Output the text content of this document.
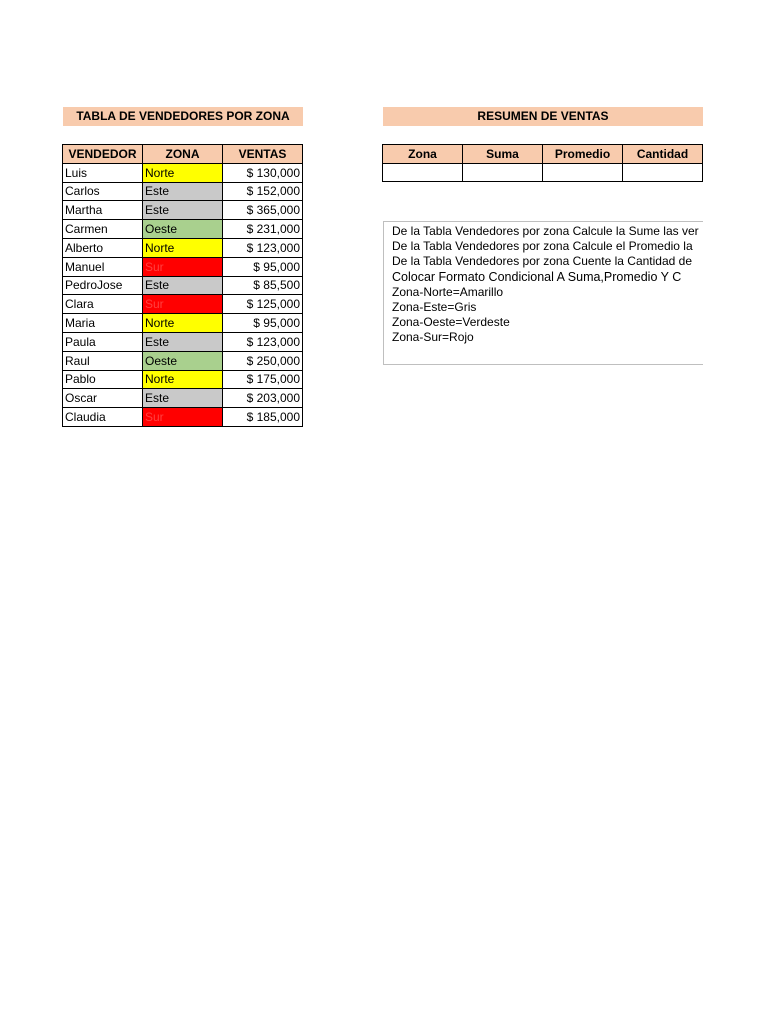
TABLA DE VENDEDORES POR ZONA
VENDEDOR	ZONA	VENTAS
Luis	Norte	$ 130,000
Carlos	Este	$ 152,000
Martha	Este	$ 365,000
Carmen	Oeste	$ 231,000
Alberto	Norte	$ 123,000
Manuel	Sur	$ 95,000
PedroJose	Este	$ 85,500
Clara	Sur	$ 125,000
Maria	Norte	$ 95,000
Paula	Este	$ 123,000
Raul	Oeste	$ 250,000
Pablo	Norte	$ 175,000
Oscar	Este	$ 203,000
Claudia	Sur	$ 185,000
RESUMEN DE VENTAS
Zona	Suma	Promedio	Cantidad

De la Tabla Vendedores por zona Calcule la Sume las ver
De la Tabla Vendedores por zona Calcule el Promedio la
De la Tabla Vendedores por zona Cuente la Cantidad de
Colocar Formato Condicional A Suma,Promedio Y C
Zona-Norte=Amarillo
Zona-Este=Gris
Zona-Oeste=Verdeste
Zona-Sur=Rojo
